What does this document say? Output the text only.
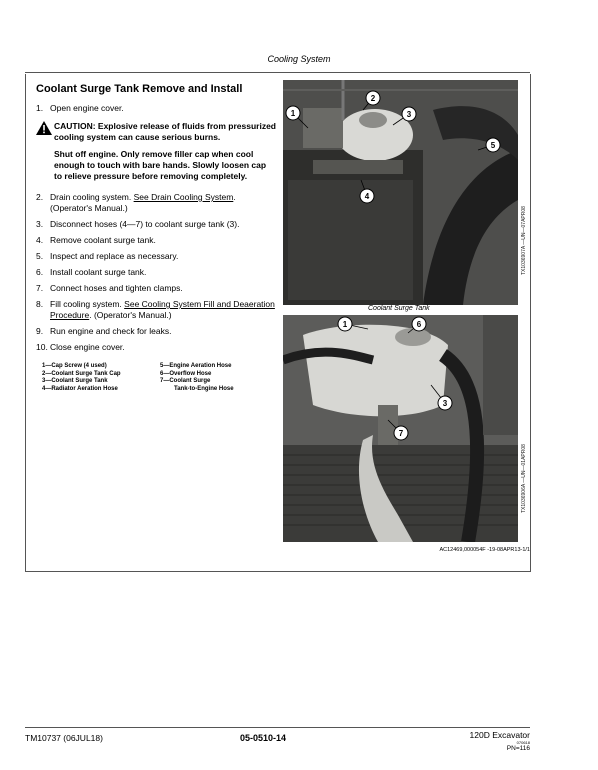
Cooling System
Coolant Surge Tank Remove and Install
1. Open engine cover.
CAUTION: Explosive release of fluids from pressurized cooling system can cause serious burns.
Shut off engine. Only remove filler cap when cool enough to touch with bare hands. Slowly loosen cap to relieve pressure before removing completely.
2. Drain cooling system. See Drain Cooling System. (Operator's Manual.)
3. Disconnect hoses (4—7) to coolant surge tank (3).
4. Remove coolant surge tank.
5. Inspect and replace as necessary.
6. Install coolant surge tank.
7. Connect hoses and tighten clamps.
8. Fill cooling system. See Cooling System Fill and Deaeration Procedure. (Operator's Manual.)
9. Run engine and check for leaks.
10. Close engine cover.
1—Cap Screw (4 used)	5—Engine Aeration Hose
2—Coolant Surge Tank Cap	6—Overflow Hose
3—Coolant Surge Tank	7—Coolant Surge
4—Radiator Aeration Hose	Tank-to-Engine Hose
1
2
3
4
5
TX1036907A —UN—07APR08
Coolant Surge Tank
1	6
3
7
TX1036906A —UN—01APR08
AC12469,000054F -19-08APR13-1/1
TM10737 (06JUL18)	05-0510-14	120D Excavator
070618
PN=116
